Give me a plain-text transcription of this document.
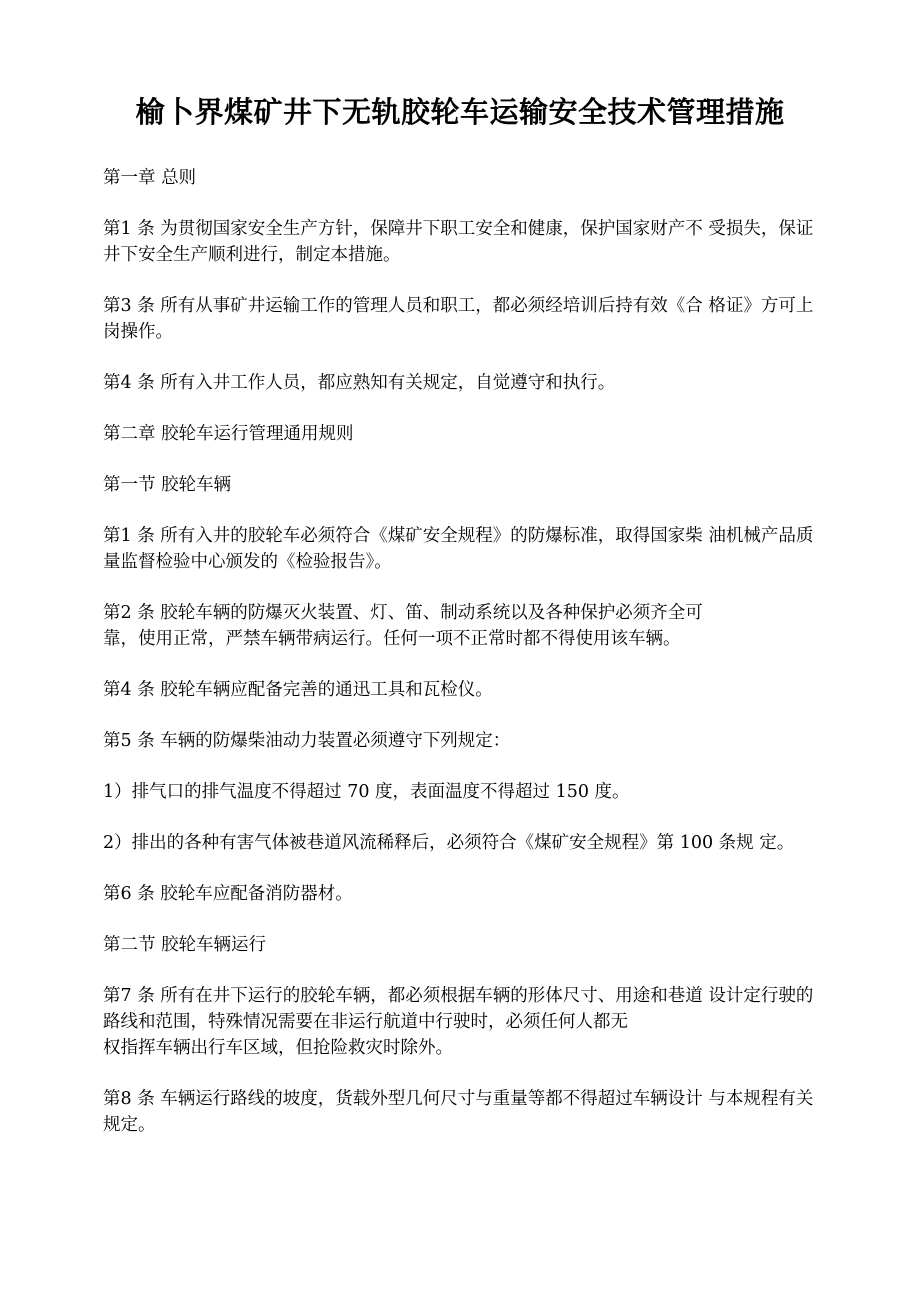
榆卜界煤矿井下无轨胶轮车运输安全技术管理措施

第一章 总则

第1 条 为贯彻国家安全生产方针，保障井下职工安全和健康，保护国家财产不 受损失，保证井下安全生产顺利进行，制定本措施。

第3 条 所有从事矿井运输工作的管理人员和职工，都必须经培训后持有效《合 格证》方可上岗操作。

第4 条 所有入井工作人员，都应熟知有关规定，自觉遵守和执行。

第二章 胶轮车运行管理通用规则

第一节 胶轮车辆

第1 条 所有入井的胶轮车必须符合《煤矿安全规程》的防爆标准，取得国家柴 油机械产品质量监督检验中心颁发的《检验报告》。

第2 条 胶轮车辆的防爆灭火装置、灯、笛、制动系统以及各种保护必须齐全可
靠，使用正常，严禁车辆带病运行。任何一项不正常时都不得使用该车辆。

第4 条 胶轮车辆应配备完善的通迅工具和瓦检仪。

第5 条 车辆的防爆柴油动力装置必须遵守下列规定：

1）排气口的排气温度不得超过 70 度，表面温度不得超过 150 度。

2）排出的各种有害气体被巷道风流稀释后，必须符合《煤矿安全规程》第 100 条规 定。

第6 条 胶轮车应配备消防器材。

第二节 胶轮车辆运行

第7 条 所有在井下运行的胶轮车辆，都必须根据车辆的形体尺寸、用途和巷道 设计定行驶的路线和范围，特殊情况需要在非运行航道中行驶时，必须任何人都无
权指挥车辆出行车区域，但抢险救灾时除外。

第8 条 车辆运行路线的坡度，货载外型几何尺寸与重量等都不得超过车辆设计 与本规程有关规定。
